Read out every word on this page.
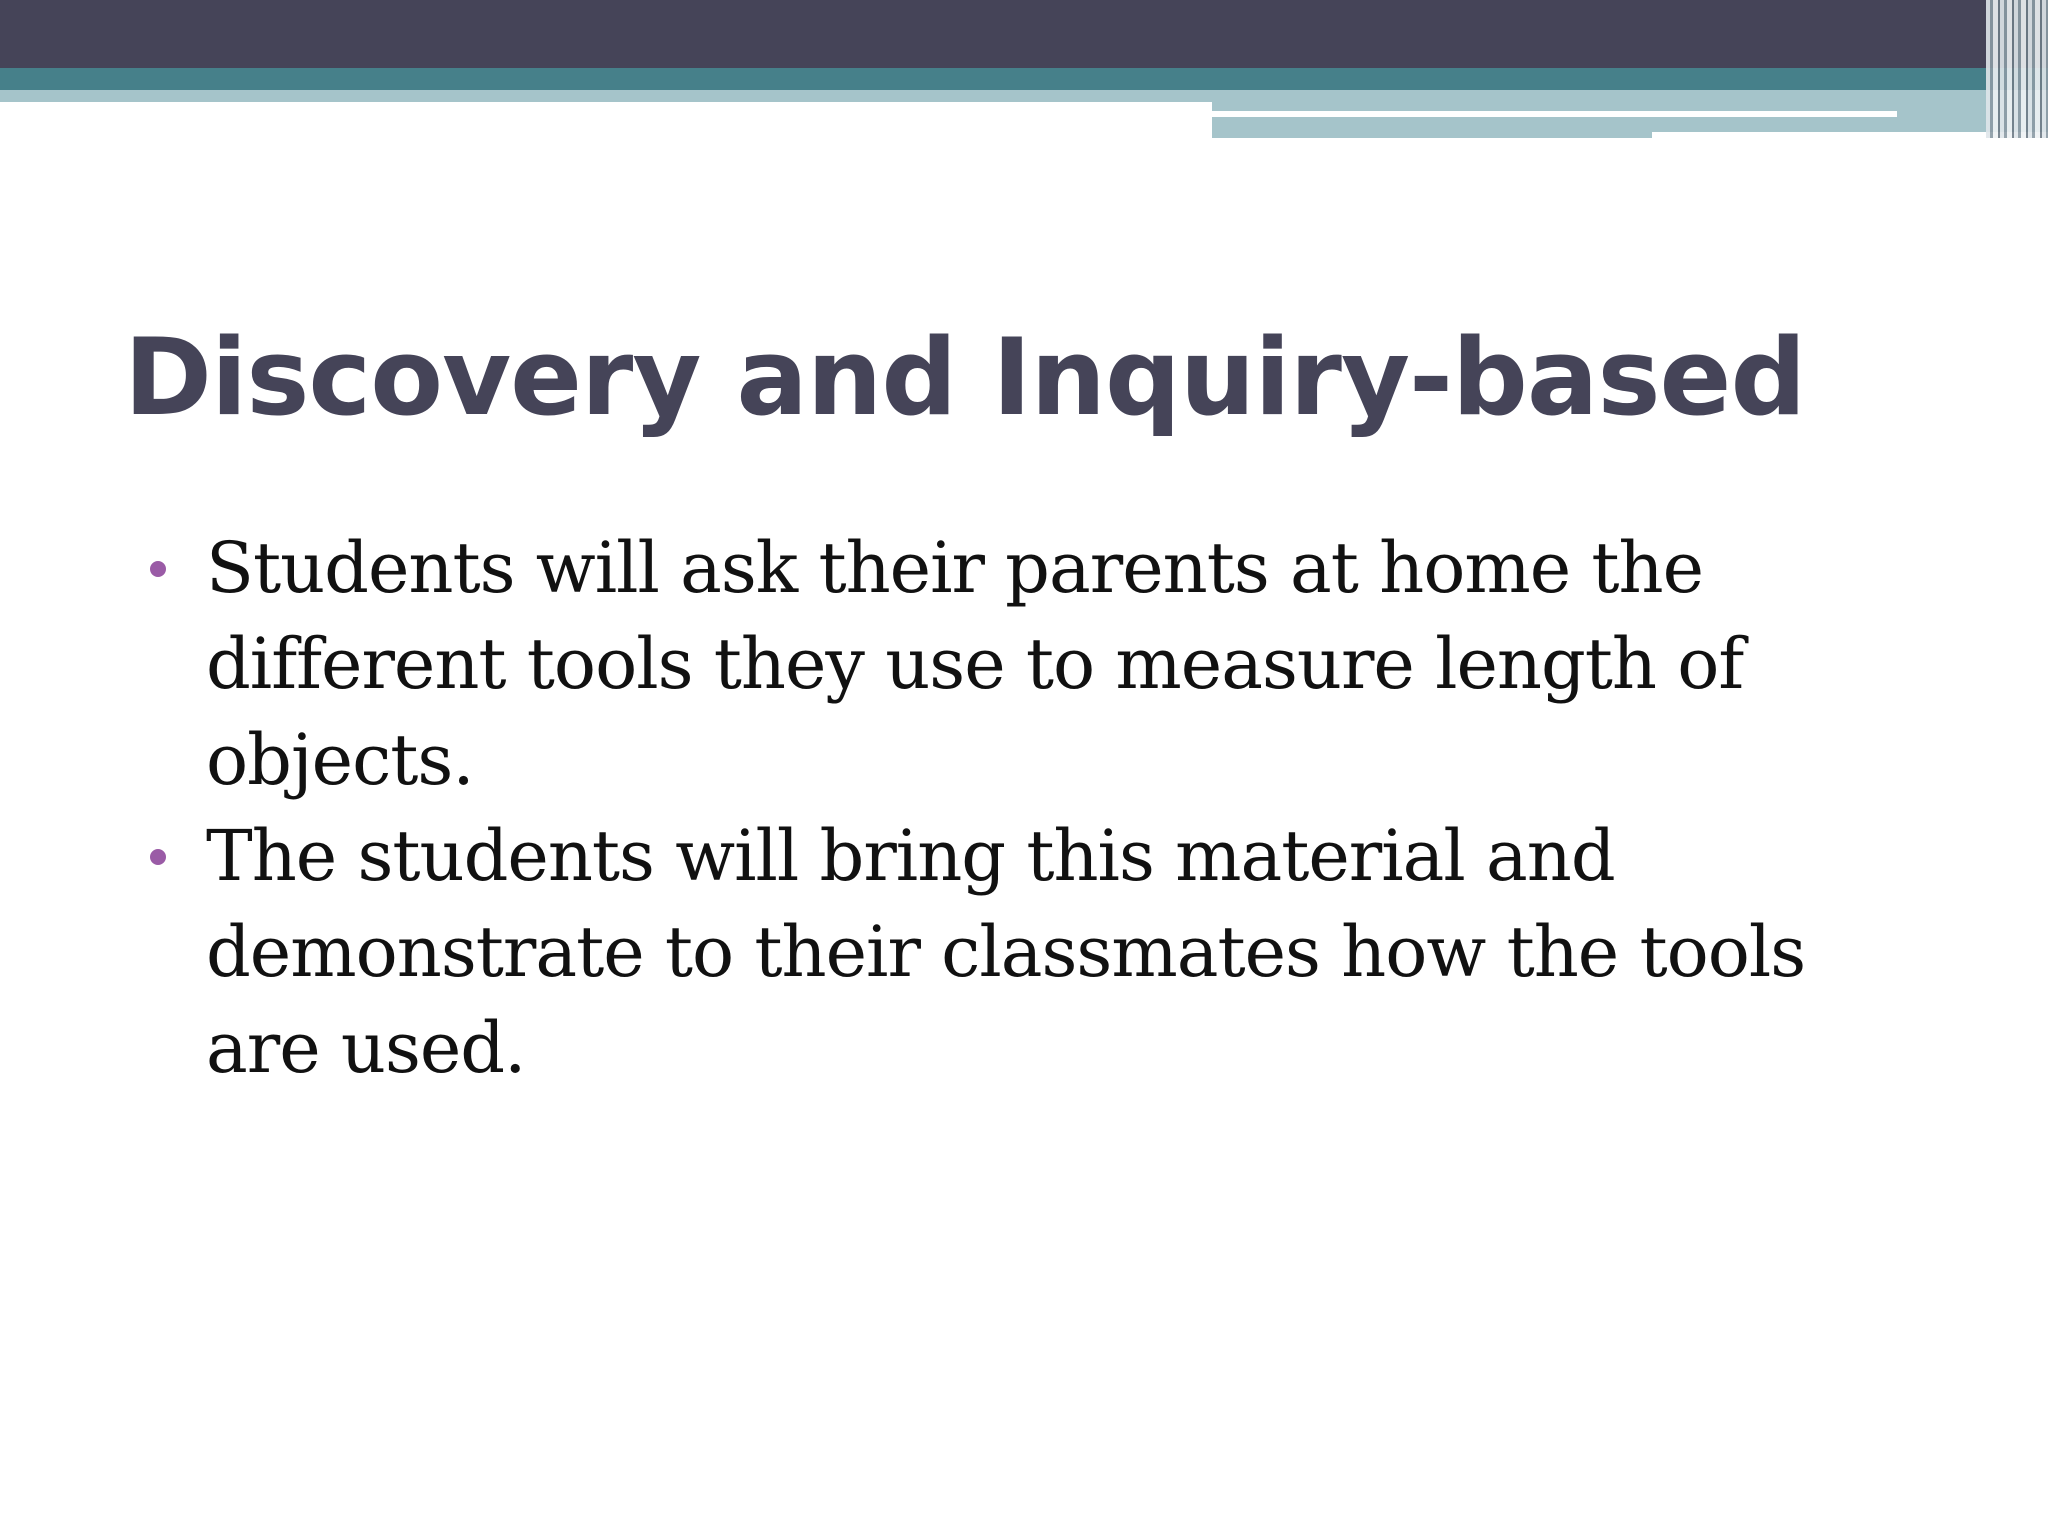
Discovery and Inquiry-based
Students will ask their parents at home the different tools they use to measure length of objects.
The students will bring this material and demonstrate to their classmates how the tools are used.
